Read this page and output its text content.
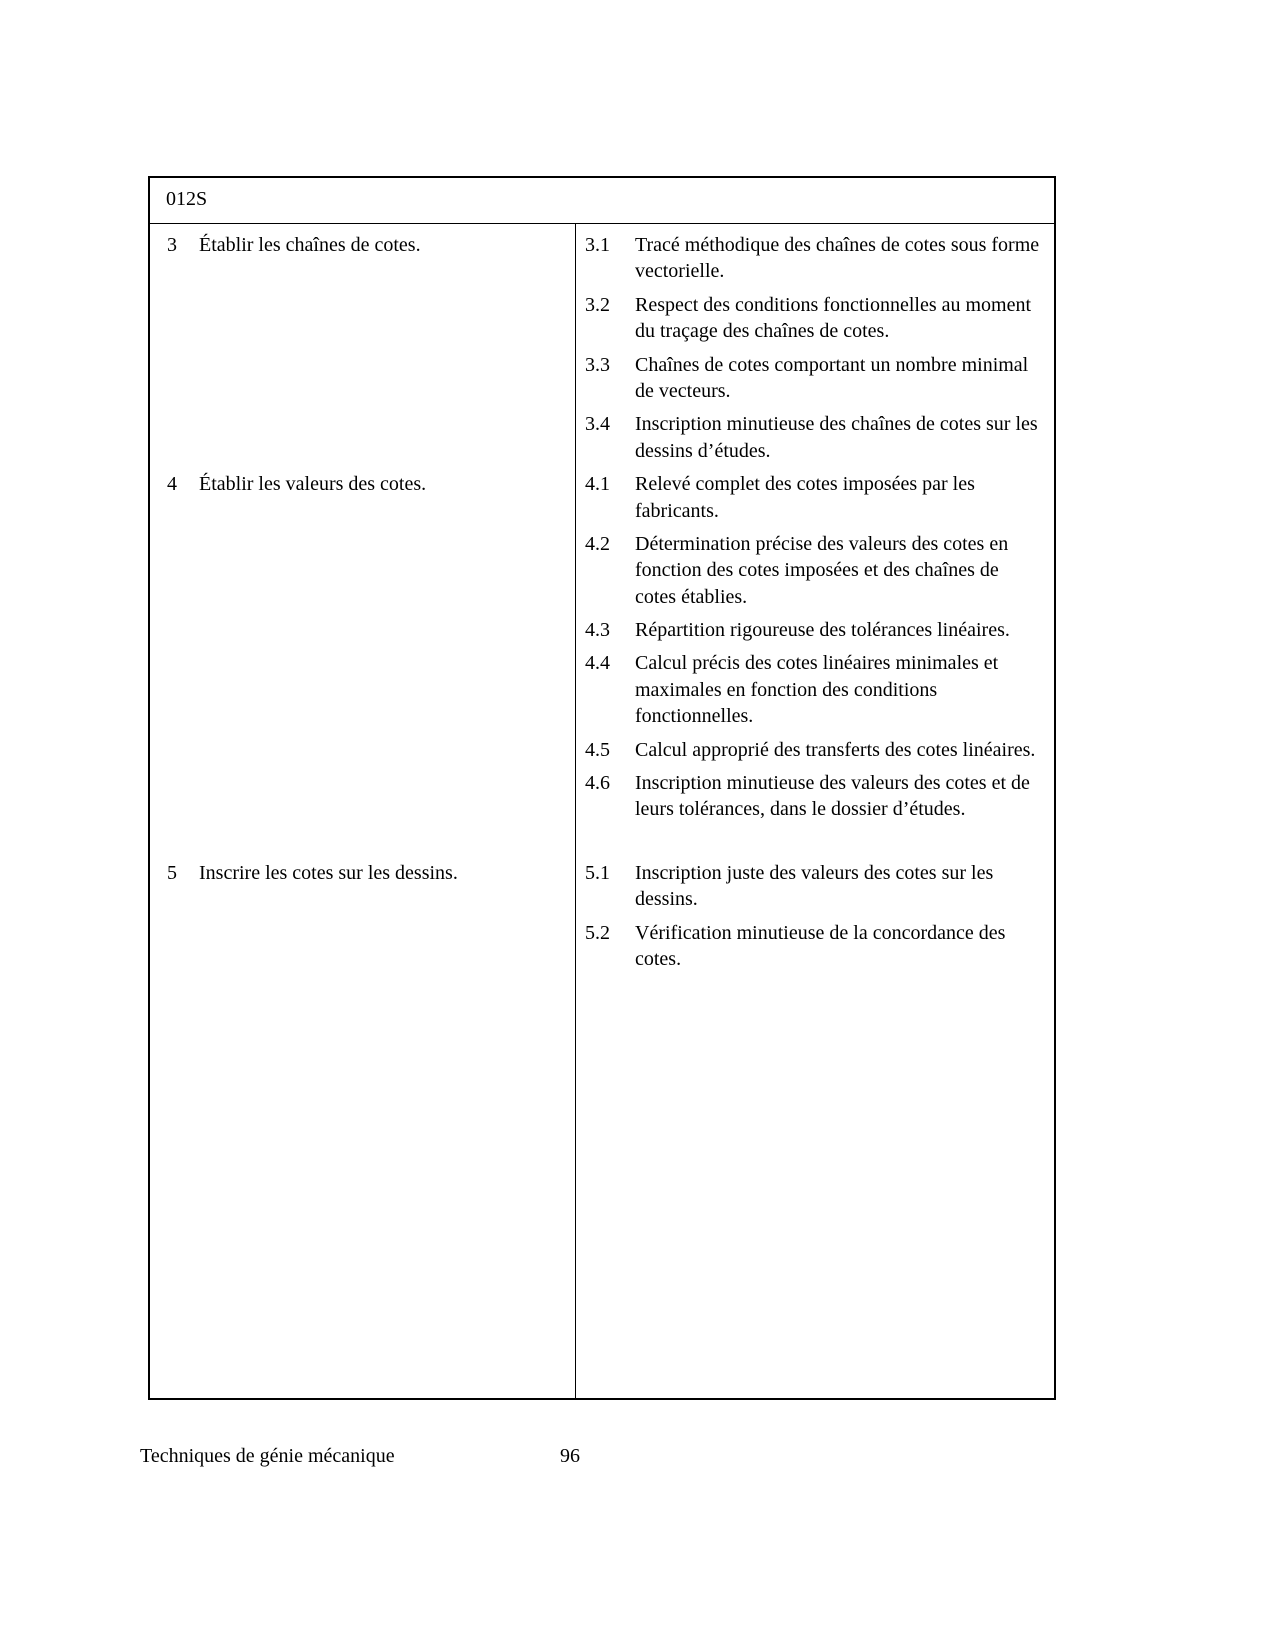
012S
3	Établir les chaînes de cotes.	3.1	Tracé méthodique des chaînes de cotes sous forme vectorielle.
3.2	Respect des conditions fonctionnelles au moment du traçage des chaînes de cotes.
3.3	Chaînes de cotes comportant un nombre minimal de vecteurs.
3.4	Inscription minutieuse des chaînes de cotes sur les dessins d’études.
4	Établir les valeurs des cotes.	4.1	Relevé complet des cotes imposées par les fabricants.
4.2	Détermination précise des valeurs des cotes en fonction des cotes imposées et des chaînes de cotes établies.
4.3	Répartition rigoureuse des tolérances linéaires.
4.4	Calcul précis des cotes linéaires minimales et maximales en fonction des conditions fonctionnelles.
4.5	Calcul approprié des transferts des cotes linéaires.
4.6	Inscription minutieuse des valeurs des cotes et de leurs tolérances, dans le dossier d’études.
5	Inscrire les cotes sur les dessins.	5.1	Inscription juste des valeurs des cotes sur les dessins.
5.2	Vérification minutieuse de la concordance des cotes.
Techniques de génie mécanique	96
